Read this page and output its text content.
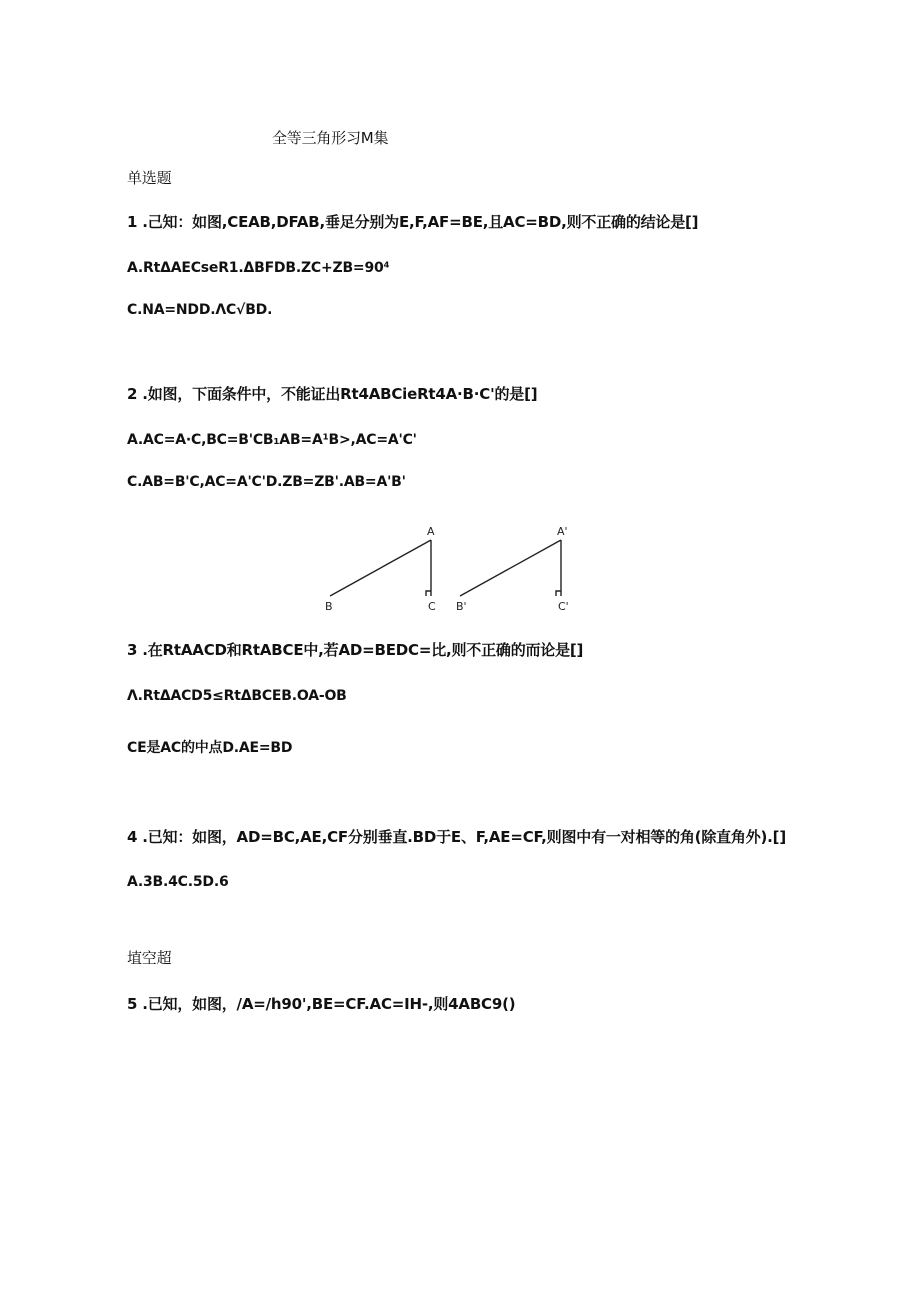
全等三角形习M集
单选题
1 .己知：如图,CEAB,DFAB,垂足分别为E,F,AF=BE,且AC=BD,则不正确的结论是[]
A.RtΔAECseR1.ΔBFDB.ZC+ZB=90⁴
C.NA=NDD.ΛC√BD.
2 .如图，下面条件中，不能证出Rt4ABCieRt4A·B·C'的是[]
A.AC=A·C,BC=B'CB₁AB=A¹B>,AC=A'C'
C.AB=B'C,AC=A'C'D.ZB=ZB'.AB=A'B'
A
B	C
A'
B'	C'
3 .在RtAACD和RtABCE中,若AD=BEDC=比,则不正确的而论是[]
Λ.RtΔACD5≤RtΔBCEB.OA-OB
CE是AC的中点D.AE=BD
4 .已知：如图，AD=BC,AE,CF分别垂直.BD于E、F,AE=CF,则图中有一对相等的角(除直角外).[]
A.3B.4C.5D.6
埴空超
5 .已知，如图，/A=/h90',BE=CF.AC=IH-,则4ABC9()
